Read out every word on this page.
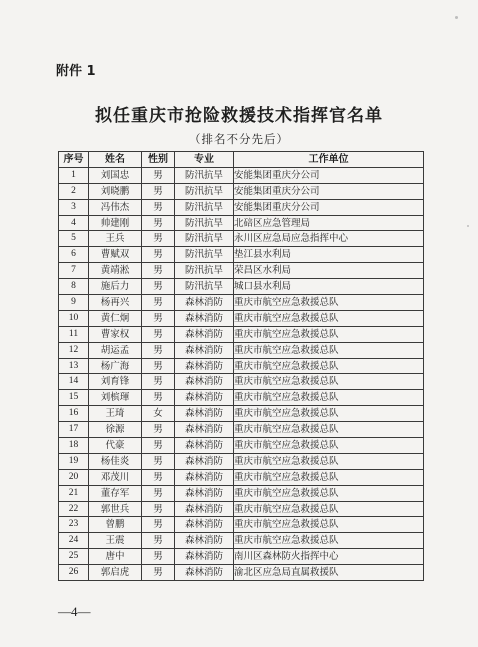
附件 1
拟任重庆市抢险救援技术指挥官名单
（排名不分先后）
序号	姓名	性别	专业	工作单位
1	刘国忠	男	防汛抗旱	安能集团重庆分公司
2	刘晓鹏	男	防汛抗旱	安能集团重庆分公司
3	冯伟杰	男	防汛抗旱	安能集团重庆分公司
4	帅建刚	男	防汛抗旱	北碚区应急管理局
5	王兵	男	防汛抗旱	永川区应急局应急指挥中心
6	曹赋双	男	防汛抗旱	垫江县水利局
7	黄靖淞	男	防汛抗旱	荣昌区水利局
8	施后力	男	防汛抗旱	城口县水利局
9	杨再兴	男	森林消防	重庆市航空应急救援总队
10	黄仁炯	男	森林消防	重庆市航空应急救援总队
11	曹家权	男	森林消防	重庆市航空应急救援总队
12	胡运孟	男	森林消防	重庆市航空应急救援总队
13	杨广海	男	森林消防	重庆市航空应急救援总队
14	刘育锋	男	森林消防	重庆市航空应急救援总队
15	刘槟琿	男	森林消防	重庆市航空应急救援总队
16	王琦	女	森林消防	重庆市航空应急救援总队
17	徐源	男	森林消防	重庆市航空应急救援总队
18	代豪	男	森林消防	重庆市航空应急救援总队
19	杨佳炎	男	森林消防	重庆市航空应急救援总队
20	邓茂川	男	森林消防	重庆市航空应急救援总队
21	董存军	男	森林消防	重庆市航空应急救援总队
22	郭世兵	男	森林消防	重庆市航空应急救援总队
23	曾鹏	男	森林消防	重庆市航空应急救援总队
24	王震	男	森林消防	重庆市航空应急救援总队
25	唐中	男	森林消防	南川区森林防火指挥中心
26	郭启虎	男	森林消防	渝北区应急局直属救援队
—4—
